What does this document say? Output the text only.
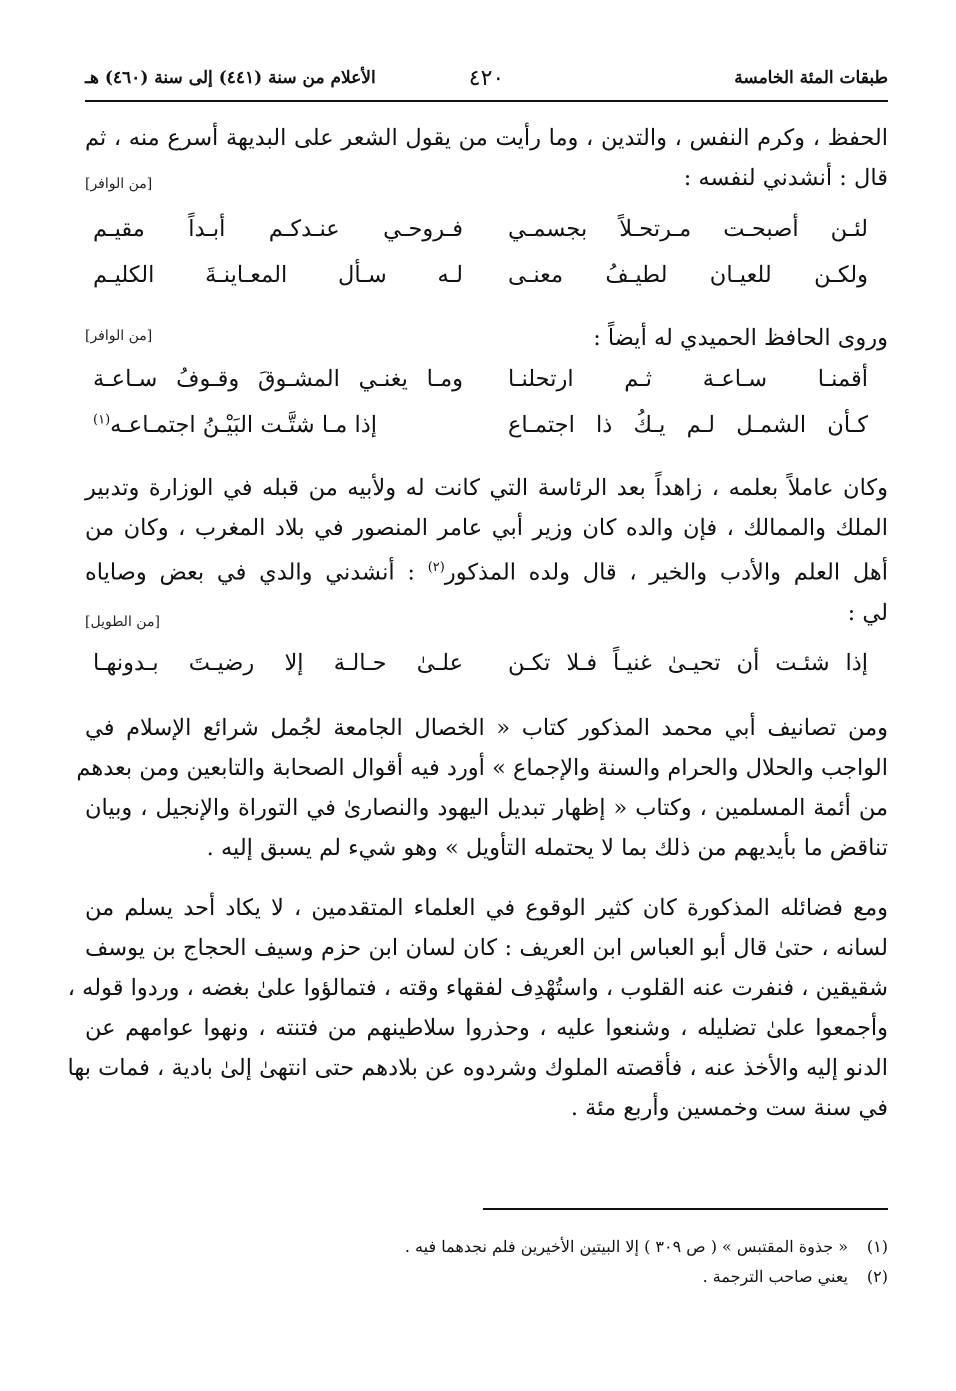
طبقات المئة الخامسة
٤٢٠
الأعلام من سنة (٤٤١) إلى سنة (٤٦٠) هـ
الحفظ ، وكرم النفس ، والتدين ، وما رأيت من يقول الشعر على البديهة أسرع منه ، ثم
قال : أنشدني لنفسه :
[من الوافر]
لئـن أصبحـت مـرتحـلاً بجسمـي
فـروحـي عنـدكـم أبـداً مقيـم
ولكـن للعيـان لطيـفُ معنـى
لـه سـأل المعـاينـةَ الكليـم
وروى الحافظ الحميدي له أيضاً :
[من الوافر]
أقمنـا سـاعـة ثـم ارتحلنـا
ومـا يغنـي المشـوقَ وقـوفُ سـاعـة
كـأن الشمـل لـم يـكُ ذا اجتمـاع
إذا مـا شتَّـت البَيْـنُ اجتمـاعـه$^{(١)}$
وكان عاملاً بعلمه ، زاهداً بعد الرئاسة التي كانت له ولأبيه من قبله في الوزارة وتدبير
الملك والممالك ، فإن والده كان وزير أبي عامر المنصور في بلاد المغرب ، وكان من
أهل العلم والأدب والخير ، قال ولده المذكور$^{(٢)}$ : أنشدني والدي في بعض وصاياه
لي :
[من الطويل]
إذا شئـت أن تحيـىٰ غنيـاً فـلا تكـن
علـىٰ حـالـة إلا رضيـتَ بـدونهـا
ومن تصانيف أبي محمد المذكور كتاب « الخصال الجامعة لجُمل شرائع الإسلام في
الواجب والحلال والحرام والسنة والإجماع » أورد فيه أقوال الصحابة والتابعين ومن بعدهم
من أئمة المسلمين ، وكتاب « إظهار تبديل اليهود والنصارىٰ في التوراة والإنجيل ، وبيان
تناقض ما بأيديهم من ذلك بما لا يحتمله التأويل » وهو شيء لم يسبق إليه .
ومع فضائله المذكورة كان كثير الوقوع في العلماء المتقدمين ، لا يكاد أحد يسلم من
لسانه ، حتىٰ قال أبو العباس ابن العريف : كان لسان ابن حزم وسيف الحجاج بن يوسف
شقيقين ، فنفرت عنه القلوب ، واستُهْدِف لفقهاء وقته ، فتمالؤوا علىٰ بغضه ، وردوا قوله ،
وأجمعوا علىٰ تضليله ، وشنعوا عليه ، وحذروا سلاطينهم من فتنته ، ونهوا عوامهم عن
الدنو إليه والأخذ عنه ، فأقصته الملوك وشردوه عن بلادهم حتى انتهىٰ إلىٰ بادية ، فمات بها
في سنة ست وخمسين وأربع مئة .
(١)« جذوة المقتبس » ( ص ٣٠٩ ) إلا البيتين الأخيرين فلم نجدهما فيه .
(٢)يعني صاحب الترجمة .
